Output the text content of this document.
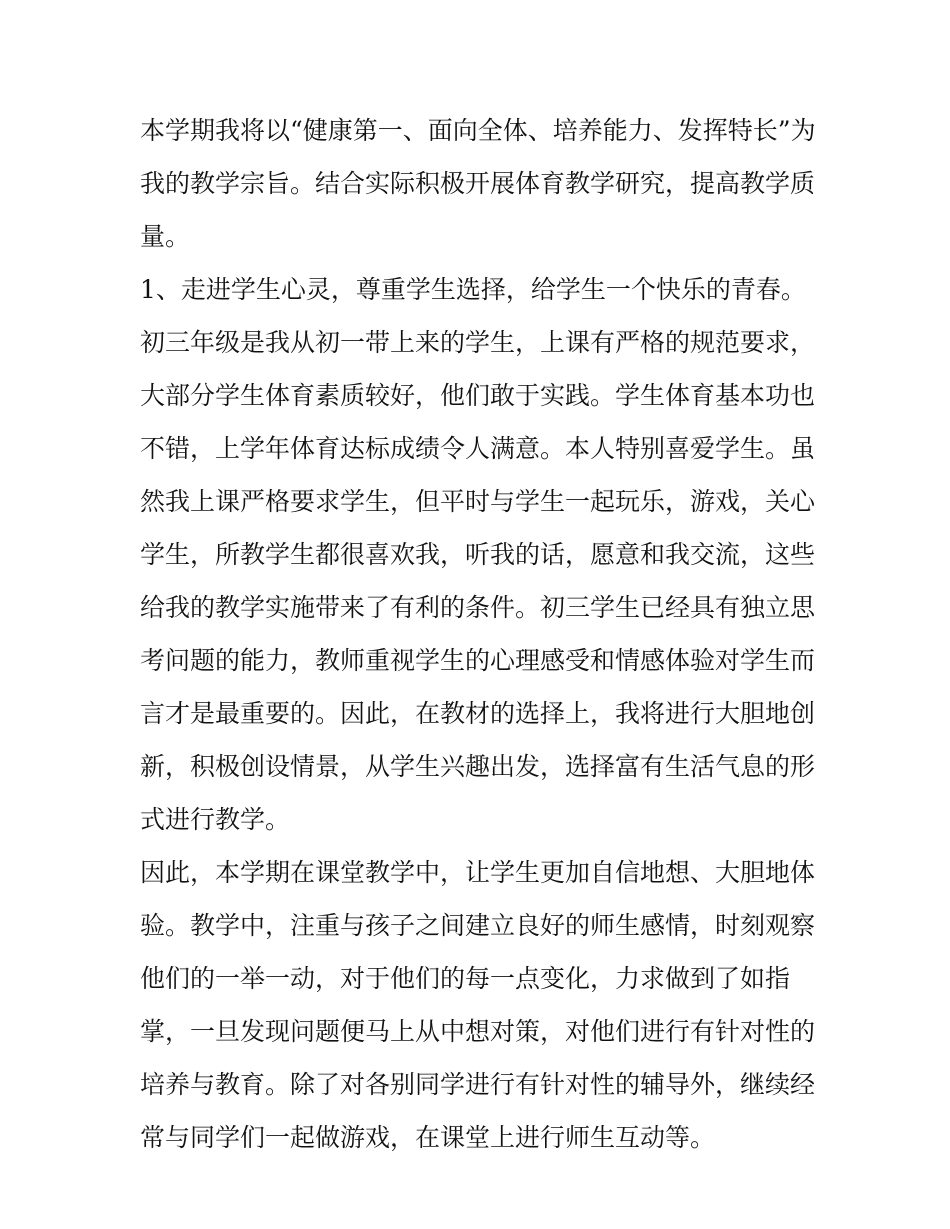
本学期我将以“健康第一、面向全体、培养能力、发挥特长”为
我的教学宗旨。结合实际积极开展体育教学研究，提高教学质
量。
1、走进学生心灵，尊重学生选择，给学生一个快乐的青春。
初三年级是我从初一带上来的学生，上课有严格的规范要求，
大部分学生体育素质较好，他们敢于实践。学生体育基本功也
不错，上学年体育达标成绩令人满意。本人特别喜爱学生。虽
然我上课严格要求学生，但平时与学生一起玩乐，游戏，关心
学生，所教学生都很喜欢我，听我的话，愿意和我交流，这些
给我的教学实施带来了有利的条件。初三学生已经具有独立思
考问题的能力，教师重视学生的心理感受和情感体验对学生而
言才是最重要的。因此，在教材的选择上，我将进行大胆地创
新，积极创设情景，从学生兴趣出发，选择富有生活气息的形
式进行教学。
因此，本学期在课堂教学中，让学生更加自信地想、大胆地体
验。教学中，注重与孩子之间建立良好的师生感情，时刻观察
他们的一举一动，对于他们的每一点变化，力求做到了如指
掌，一旦发现问题便马上从中想对策，对他们进行有针对性的
培养与教育。除了对各别同学进行有针对性的辅导外，继续经
常与同学们一起做游戏，在课堂上进行师生互动等。
